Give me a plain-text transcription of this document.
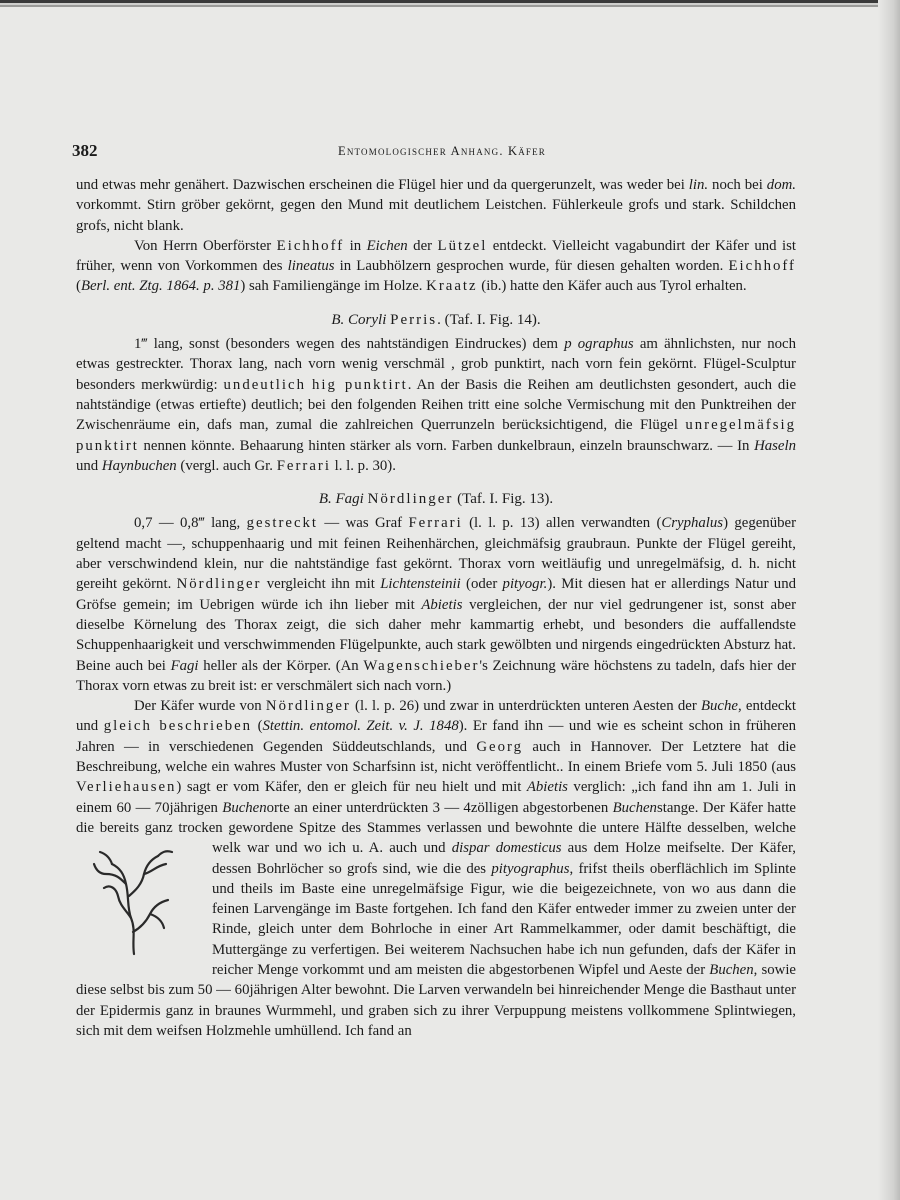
382	Entomologischer Anhang. Käfer

und etwas mehr genähert. Dazwischen erscheinen die Flügel hier und da quergerunzelt, was weder bei lin. noch bei dom. vorkommt. Stirn gröber gekörnt, gegen den Mund mit deutlichem Leistchen. Fühlerkeule grofs und stark. Schildchen grofs, nicht blank.

Von Herrn Oberförster Eichhoff in Eichen der Lützel entdeckt. Vielleicht vagabundirt der Käfer und ist früher, wenn von Vorkommen des lineatus in Laubhölzern gesprochen wurde, für diesen gehalten worden. Eichhoff (Berl. ent. Ztg. 1864. p. 381) sah Familiengänge im Holze. Kraatz (ib.) hatte den Käfer auch aus Tyrol erhalten.

B. Coryli Perris. (Taf. I. Fig. 14).

1‴ lang, sonst (besonders wegen des nahtständigen Eindruckes) dem p ographus am ähnlichsten, nur noch etwas gestreckter. Thorax lang, nach vorn wenig verschmäl , grob punktirt, nach vorn fein gekörnt. Flügel-Sculptur besonders merkwürdig: undeutlich hig punktirt. An der Basis die Reihen am deutlichsten gesondert, auch die nahtständige (etwas ertiefte) deutlich; bei den folgenden Reihen tritt eine solche Vermischung mit den Punktreihen der Zwischenräume ein, dafs man, zumal die zahlreichen Querrunzeln berücksichtigend, die Flügel unregelmäfsig punktirt nennen könnte. Behaarung hinten stärker als vorn. Farben dunkelbraun, einzeln braunschwarz. — In Haseln und Haynbuchen (vergl. auch Gr. Ferrari l. l. p. 30).

B. Fagi Nördlinger (Taf. I. Fig. 13).

0,7 — 0,8‴ lang, gestreckt — was Graf Ferrari (l. l. p. 13) allen verwandten (Cryphalus) gegenüber geltend macht —, schuppenhaarig und mit feinen Reihenhärchen, gleichmäfsig graubraun. Punkte der Flügel gereiht, aber verschwindend klein, nur die nahtständige fast gekörnt. Thorax vorn weitläufig und unregelmäfsig, d. h. nicht gereiht gekörnt. Nördlinger vergleicht ihn mit Lichtensteinii (oder pityogr.). Mit diesen hat er allerdings Natur und Gröfse gemein; im Uebrigen würde ich ihn lieber mit Abietis vergleichen, der nur viel gedrungener ist, sonst aber dieselbe Körnelung des Thorax zeigt, die sich daher mehr kammartig erhebt, und besonders die auffallendste Schuppenhaarigkeit und verschwimmenden Flügelpunkte, auch stark gewölbten und nirgends eingedrückten Absturz hat. Beine auch bei Fagi heller als der Körper. (An Wagenschieber's Zeichnung wäre höchstens zu tadeln, dafs hier der Thorax vorn etwas zu breit ist: er verschmälert sich nach vorn.)

Der Käfer wurde von Nördlinger (l. l. p. 26) und zwar in unterdrückten unteren Aesten der Buche, entdeckt und gleich beschrieben (Stettin. entomol. Zeit. v. J. 1848). Er fand ihn — und wie es scheint schon in früheren Jahren — in verschiedenen Gegenden Süddeutschlands, und Georg auch in Hannover. Der Letztere hat die Beschreibung, welche ein wahres Muster von Scharfsinn ist, nicht veröffentlicht.. In einem Briefe vom 5. Juli 1850 (aus Verliehausen) sagt er vom Käfer, den er gleich für neu hielt und mit Abietis verglich: „ich fand ihn am 1. Juli in einem 60 — 70jährigen Buchenorte an einer unterdrückten 3 — 4zölligen abgestorbenen Buchenstange. Der Käfer hatte die bereits ganz trocken gewordene Spitze des Stammes verlassen und bewohnte die untere Hälfte desselben, welche welk war und wo ich u. A. auch
und dispar domesticus aus dem Holze meifselte. Der Käfer, dessen Bohrlöcher so grofs sind, wie die des pityographus, frifst theils oberflächlich im Splinte und theils im Baste eine unregelmäfsige Figur, wie die beigezeichnete, von wo aus dann die feinen Larvengänge im Baste fortgehen. Ich fand den Käfer entweder immer zu zweien unter der Rinde, gleich unter dem Bohrloche in einer Art Rammelkammer, oder damit beschäftigt, die Muttergänge zu verfertigen. Bei weiterem Nachsuchen habe ich nun gefunden, dafs der Käfer in reicher Menge vorkommt und am meisten die abgestorbenen Wipfel und Aeste der Buchen, sowie diese selbst bis zum 50 — 60jährigen Alter bewohnt. Die Larven verwandeln bei hinreichender Menge die Basthaut unter der Epidermis ganz in braunes Wurmmehl, und graben sich zu ihrer Verpuppung meistens vollkommene Splintwiegen, sich mit dem weifsen Holzmehle umhüllend. Ich fand an
